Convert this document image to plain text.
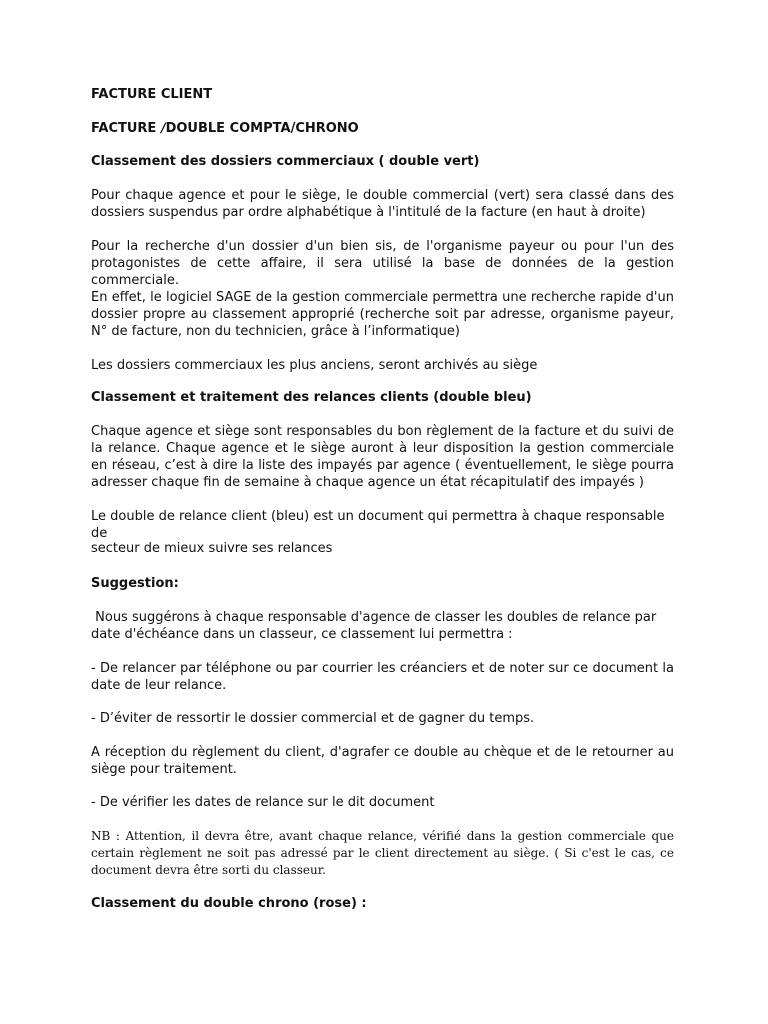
FACTURE CLIENT

FACTURE /DOUBLE COMPTA/CHRONO

Classement des dossiers commerciaux ( double vert)

Pour chaque agence et pour le siège, le double commercial (vert) sera classé dans des dossiers suspendus par ordre alphabétique à l'intitulé de la facture (en haut à droite)

Pour la recherche d'un dossier d'un bien sis, de l'organisme payeur ou pour l'un des protagonistes de cette affaire, il sera utilisé la base de données de la gestion commerciale.

En effet, le logiciel SAGE de la gestion commerciale permettra une recherche rapide d'un dossier propre au classement approprié (recherche soit par adresse, organisme payeur, N° de facture, non du technicien, grâce à l’informatique)

Les dossiers commerciaux les plus anciens, seront archivés au siège

Classement et traitement des relances clients (double bleu)

Chaque agence et siège sont responsables du bon règlement de la facture et du suivi de la relance. Chaque agence et le siège auront à leur disposition la gestion commerciale en réseau, c’est à dire la liste des impayés par agence ( éventuellement, le siège pourra adresser chaque fin de semaine à chaque agence un état récapitulatif des impayés )

Le double de relance client (bleu) est un document qui permettra à chaque responsable de

secteur de mieux suivre ses relances

Suggestion:

Nous suggérons à chaque responsable d'agence de classer les doubles de relance par date d'échéance dans un classeur, ce classement lui permettra :

- De relancer par téléphone ou par courrier les créanciers et de noter sur ce document la date de leur relance.

- D’éviter de ressortir le dossier commercial et de gagner du temps.

A réception du règlement du client, d'agrafer ce double au chèque et de le retourner au siège pour traitement.

- De vérifier les dates de relance sur le dit document

NB : Attention, il devra être, avant chaque relance, vérifié dans la gestion commerciale que certain règlement ne soit pas adressé par le client directement au siège. ( Si c'est le cas, ce document devra être sorti du classeur.

Classement du double chrono (rose) :
